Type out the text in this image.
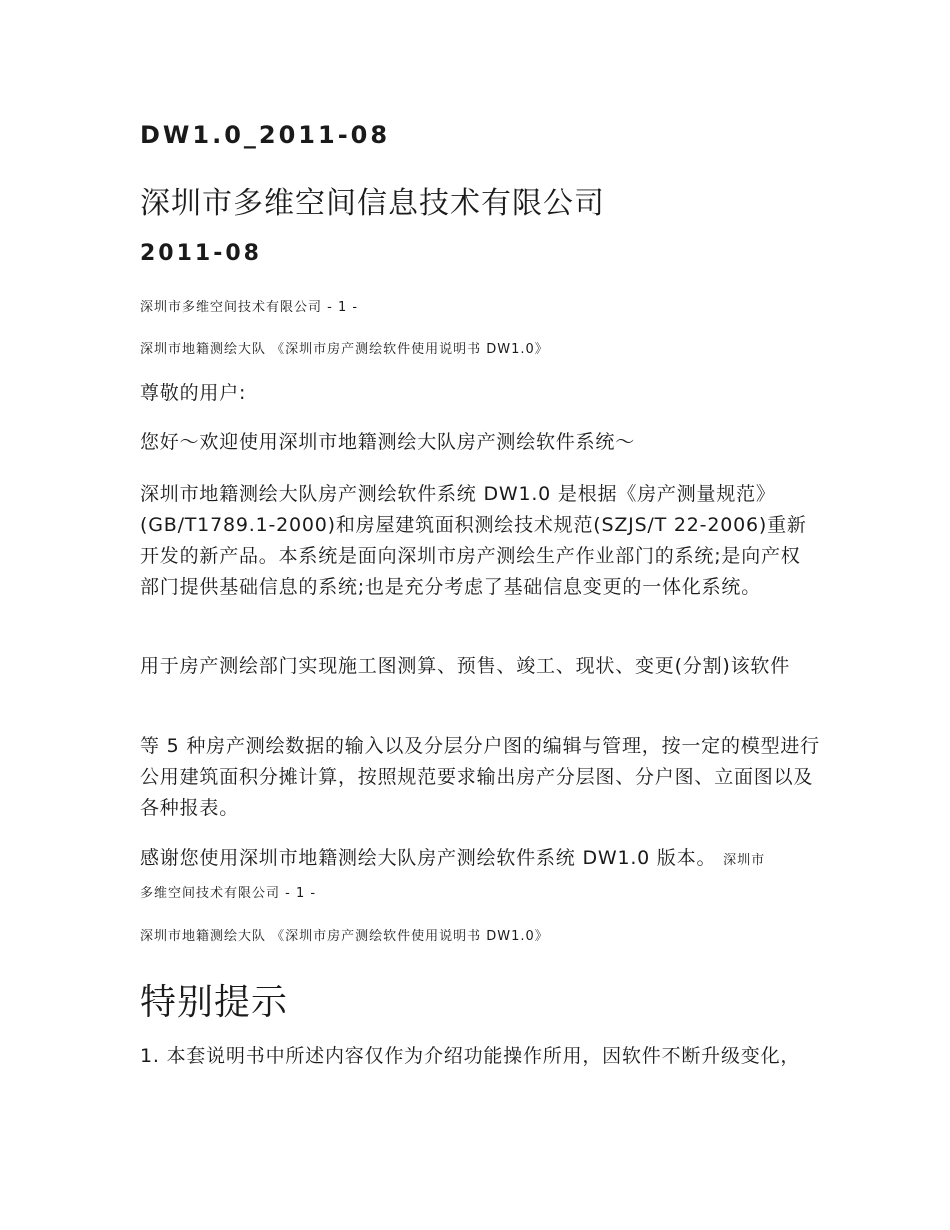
DW1.0_2011-08
深圳市多维空间信息技术有限公司
2011-08
深圳市多维空间技术有限公司 - 1 -
深圳市地籍测绘大队 《深圳市房产测绘软件使用说明书 DW1.0》
尊敬的用户:
您好～欢迎使用深圳市地籍测绘大队房产测绘软件系统～
深圳市地籍测绘大队房产测绘软件系统 DW1.0 是根据《房产测量规范》(GB/T1789.1-2000)和房屋建筑面积测绘技术规范(SZJS/T 22-2006)重新开发的新产品。本系统是面向深圳市房产测绘生产作业部门的系统;是向产权部门提供基础信息的系统;也是充分考虑了基础信息变更的一体化系统。
用于房产测绘部门实现施工图测算、预售、竣工、现状、变更(分割)该软件
等 5 种房产测绘数据的输入以及分层分户图的编辑与管理，按一定的模型进行公用建筑面积分摊计算，按照规范要求输出房产分层图、分户图、立面图以及各种报表。
感谢您使用深圳市地籍测绘大队房产测绘软件系统 DW1.0 版本。 深圳市
多维空间技术有限公司 - 1 -
深圳市地籍测绘大队 《深圳市房产测绘软件使用说明书 DW1.0》
特别提示
1. 本套说明书中所述内容仅作为介绍功能操作所用，因软件不断升级变化，
